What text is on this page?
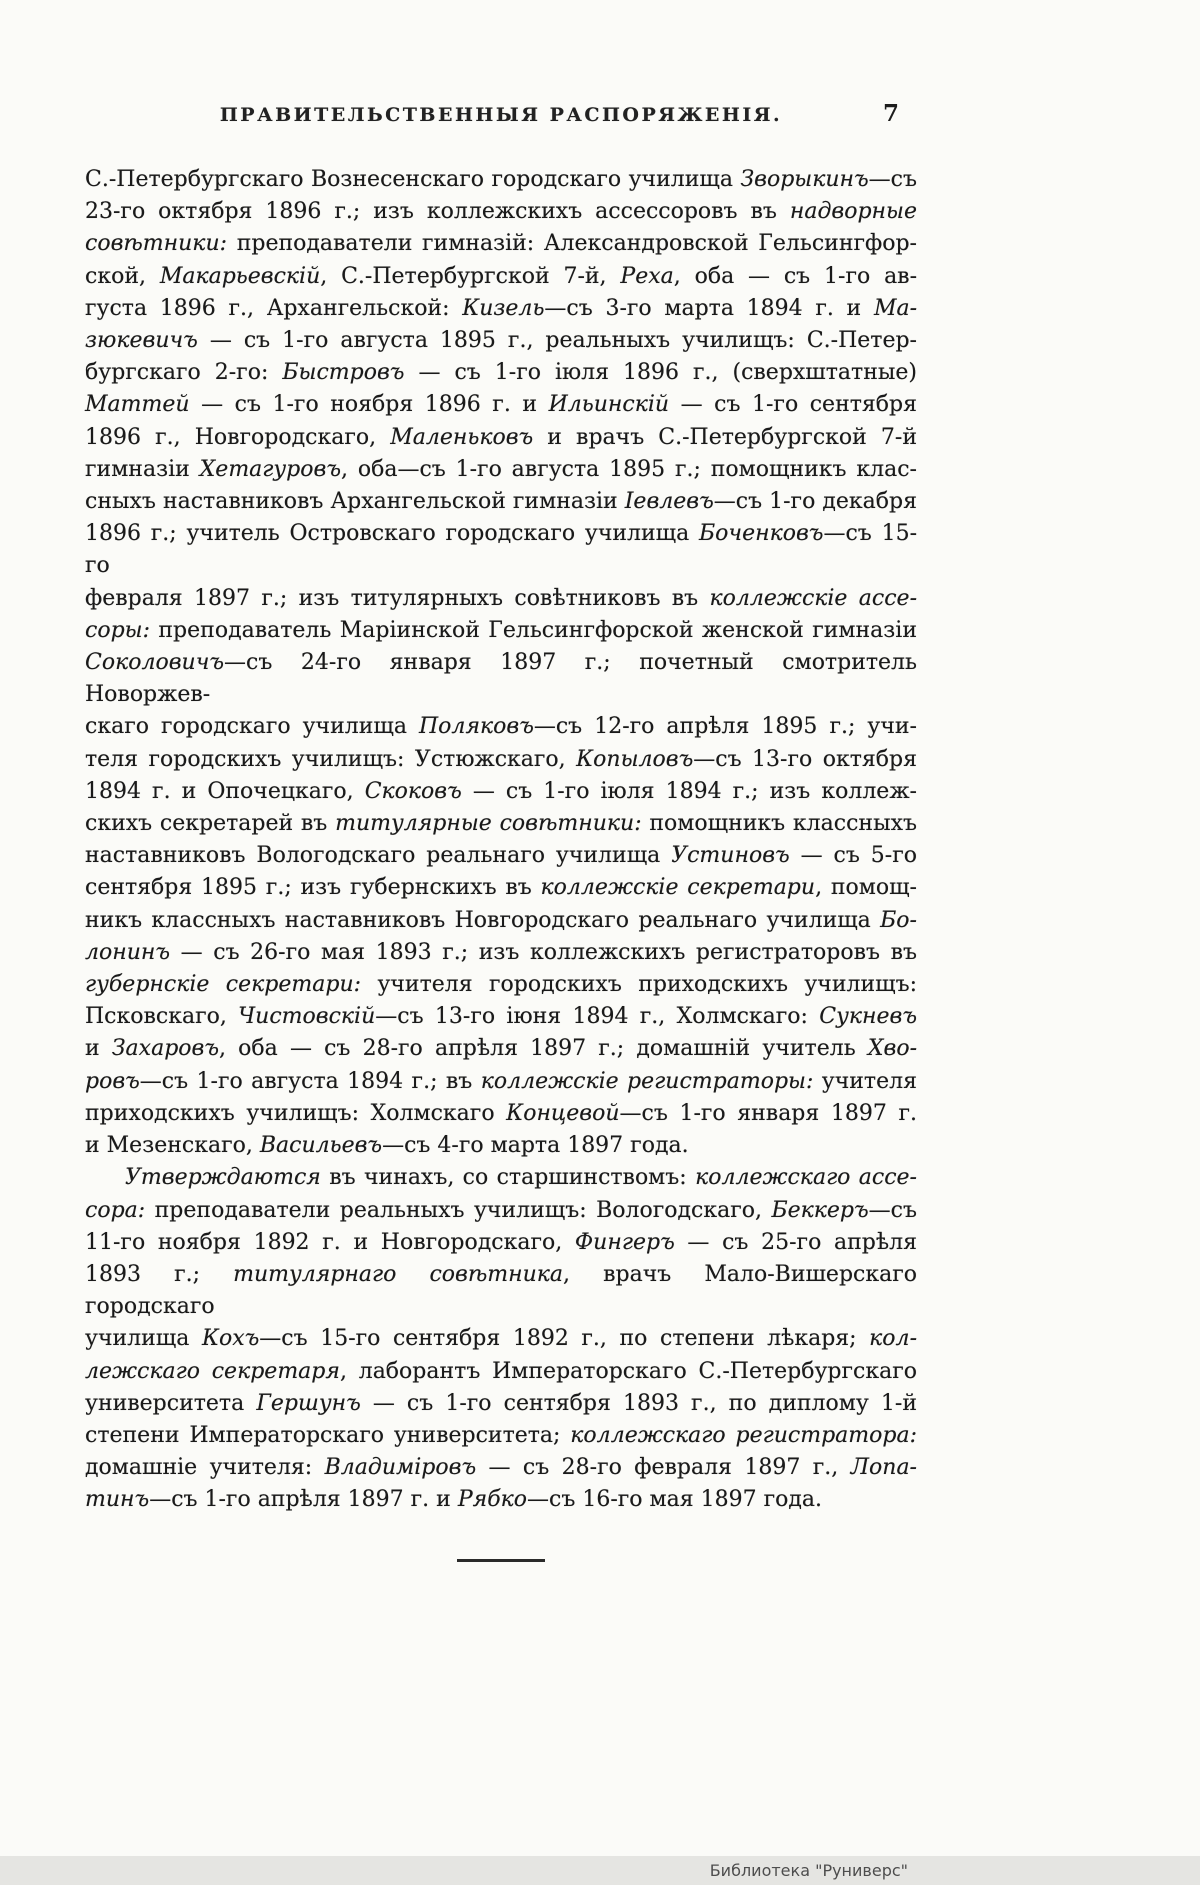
ПРАВИТЕЛЬСТВЕННЫЯ РАСПОРЯЖЕНІЯ.	7
С.-Петербургскаго Вознесенскаго городскаго училища Зворыкинъ—съ
23-го октября 1896 г.; изъ коллежскихъ ассессоровъ въ надворные
совѣтники: преподаватели гимназій: Александровской Гельсингфор-
ской, Макарьевскій, С.-Петербургской 7-й, Реха, оба — съ 1-го ав-
густа 1896 г., Архангельской: Кизель—съ 3-го марта 1894 г. и Ма-
зюкевичъ — съ 1-го августа 1895 г., реальныхъ училищъ: С.-Петер-
бургскаго 2-го: Быстровъ — съ 1-го іюля 1896 г., (сверхштатные)
Маттей — съ 1-го ноября 1896 г. и Ильинскій — съ 1-го сентября
1896 г., Новгородскаго, Маленьковъ и врачъ С.-Петербургской 7-й
гимназіи Хетагуровъ, оба—съ 1-го августа 1895 г.; помощникъ клас-
сныхъ наставниковъ Архангельской гимназіи Іевлевъ—съ 1-го декабря
1896 г.; учитель Островскаго городскаго училища Боченковъ—съ 15-го
февраля 1897 г.; изъ титулярныхъ совѣтниковъ въ коллежскіе ассе-
соры: преподаватель Маріинской Гельсингфорской женской гимназіи
Соколовичъ—съ 24-го января 1897 г.; почетный смотритель Новоржев-
скаго городскаго училища Поляковъ—съ 12-го апрѣля 1895 г.; учи-
теля городскихъ училищъ: Устюжскаго, Копыловъ—съ 13-го октября
1894 г. и Опочецкаго, Скоковъ — съ 1-го іюля 1894 г.; изъ коллеж-
скихъ секретарей въ титулярные совѣтники: помощникъ классныхъ
наставниковъ Вологодскаго реальнаго училища Устиновъ — съ 5-го
сентября 1895 г.; изъ губернскихъ въ коллежскіе секретари, помощ-
никъ классныхъ наставниковъ Новгородскаго реальнаго училища Бо-
лонинъ — съ 26-го мая 1893 г.; изъ коллежскихъ регистраторовъ въ
губернскіе секретари: учителя городскихъ приходскихъ училищъ:
Псковскаго, Чистовскій—съ 13-го іюня 1894 г., Холмскаго: Сукневъ
и Захаровъ, оба — съ 28-го апрѣля 1897 г.; домашній учитель Хво-
ровъ—съ 1-го августа 1894 г.; въ коллежскіе регистраторы: учителя
приходскихъ училищъ: Холмскаго Концевой—съ 1-го января 1897 г.
и Мезенскаго, Васильевъ—съ 4-го марта 1897 года.
Утверждаются въ чинахъ, со старшинствомъ: коллежскаго ассе-
сора: преподаватели реальныхъ училищъ: Вологодскаго, Беккеръ—съ
11-го ноября 1892 г. и Новгородскаго, Фингеръ — съ 25-го апрѣля
1893 г.; титулярнаго совѣтника, врачъ Мало-Вишерскаго городскаго
училища Кохъ—съ 15-го сентября 1892 г., по степени лѣкаря; кол-
лежскаго секретаря, лаборантъ Императорскаго С.-Петербургскаго
университета Гершунъ — съ 1-го сентября 1893 г., по диплому 1-й
степени Императорскаго университета; коллежскаго регистратора:
домашніе учителя: Владиміровъ — съ 28-го февраля 1897 г., Лопа-
тинъ—съ 1-го апрѣля 1897 г. и Рябко—съ 16-го мая 1897 года.
Библиотека "Руниверс"
